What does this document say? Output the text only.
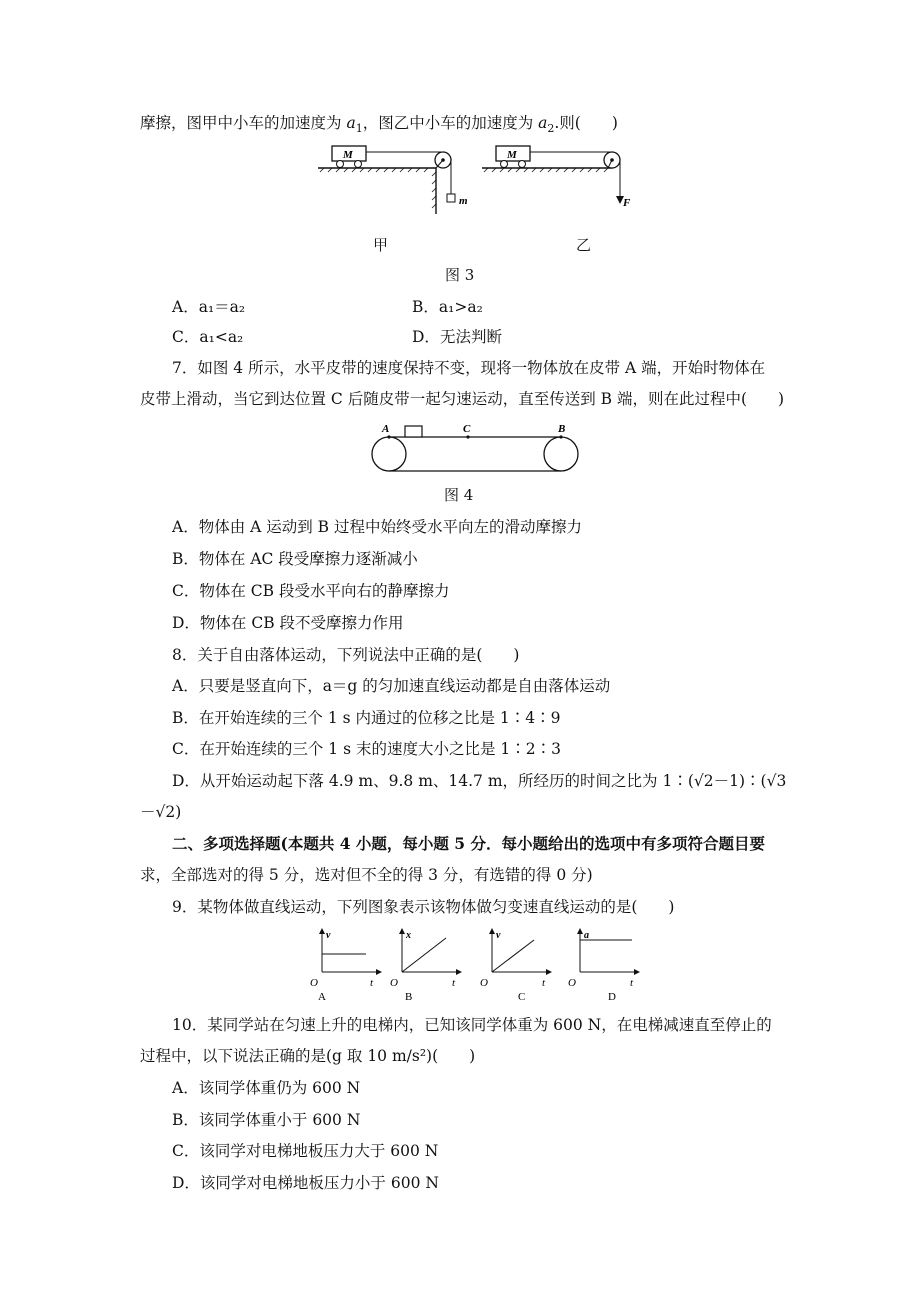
摩擦，图甲中小车的加速度为 $a_1$，图乙中小车的加速度为 $a_2$.则(　　)
M
m
M
F
甲	乙
图 3
A．a₁＝a₂	B．a₁>a₂
C．a₁<a₂	D．无法判断
7．如图 4 所示，水平皮带的速度保持不变，现将一物体放在皮带 A 端，开始时物体在
皮带上滑动，当它到达位置 C 后随皮带一起匀速运动，直至传送到 B 端，则在此过程中(　　)
A	C	B
图 4
A．物体由 A 运动到 B 过程中始终受水平向左的滑动摩擦力
B．物体在 AC 段受摩擦力逐渐减小
C．物体在 CB 段受水平向右的静摩擦力
D．物体在 CB 段不受摩擦力作用
8．关于自由落体运动，下列说法中正确的是(　　)
A．只要是竖直向下，a＝g 的匀加速直线运动都是自由落体运动
B．在开始连续的三个 1 s 内通过的位移之比是 1∶4∶9
C．在开始连续的三个 1 s 末的速度大小之比是 1∶2∶3
D．从开始运动起下落 4.9 m、9.8 m、14.7 m，所经历的时间之比为 1∶(√2－1)∶(√3
－√2)
二、多项选择题(本题共 4 小题，每小题 5 分．每小题给出的选项中有多项符合题目要
求，全部选对的得 5 分，选对但不全的得 3 分，有选错的得 0 分)
9．某物体做直线运动，下列图象表示该物体做匀变速直线运动的是(　　)
v
t
O
A
x
t
O
B
v
t
O
C
a
t
O
D
10．某同学站在匀速上升的电梯内，已知该同学体重为 600 N，在电梯减速直至停止的
过程中，以下说法正确的是(g 取 10 m/s²)(　　)
A．该同学体重仍为 600 N
B．该同学体重小于 600 N
C．该同学对电梯地板压力大于 600 N
D．该同学对电梯地板压力小于 600 N
